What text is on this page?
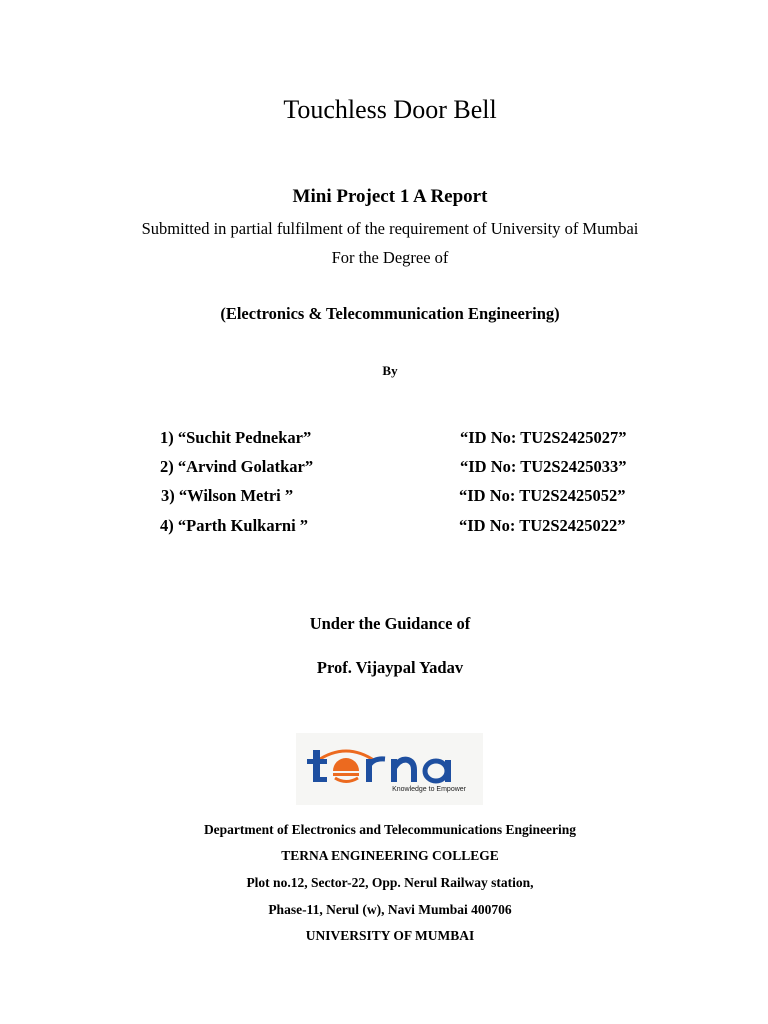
Touchless Door Bell
Mini Project 1 A Report
Submitted in partial fulfilment of the requirement of University of Mumbai
For the Degree of
(Electronics & Telecommunication Engineering)
By
1) “Suchit Pednekar”	“ID No: TU2S2425027”
2) “Arvind Golatkar”	“ID No: TU2S2425033”
3) “Wilson Metri ”	“ID No: TU2S2425052”
4) “Parth Kulkarni ”	“ID No: TU2S2425022”
Under the Guidance of
Prof. Vijaypal Yadav
Knowledge to Empower
Department of Electronics and Telecommunications Engineering
TERNA ENGINEERING COLLEGE
Plot no.12, Sector-22, Opp. Nerul Railway station,
Phase-11, Nerul (w), Navi Mumbai 400706
UNIVERSITY OF MUMBAI
